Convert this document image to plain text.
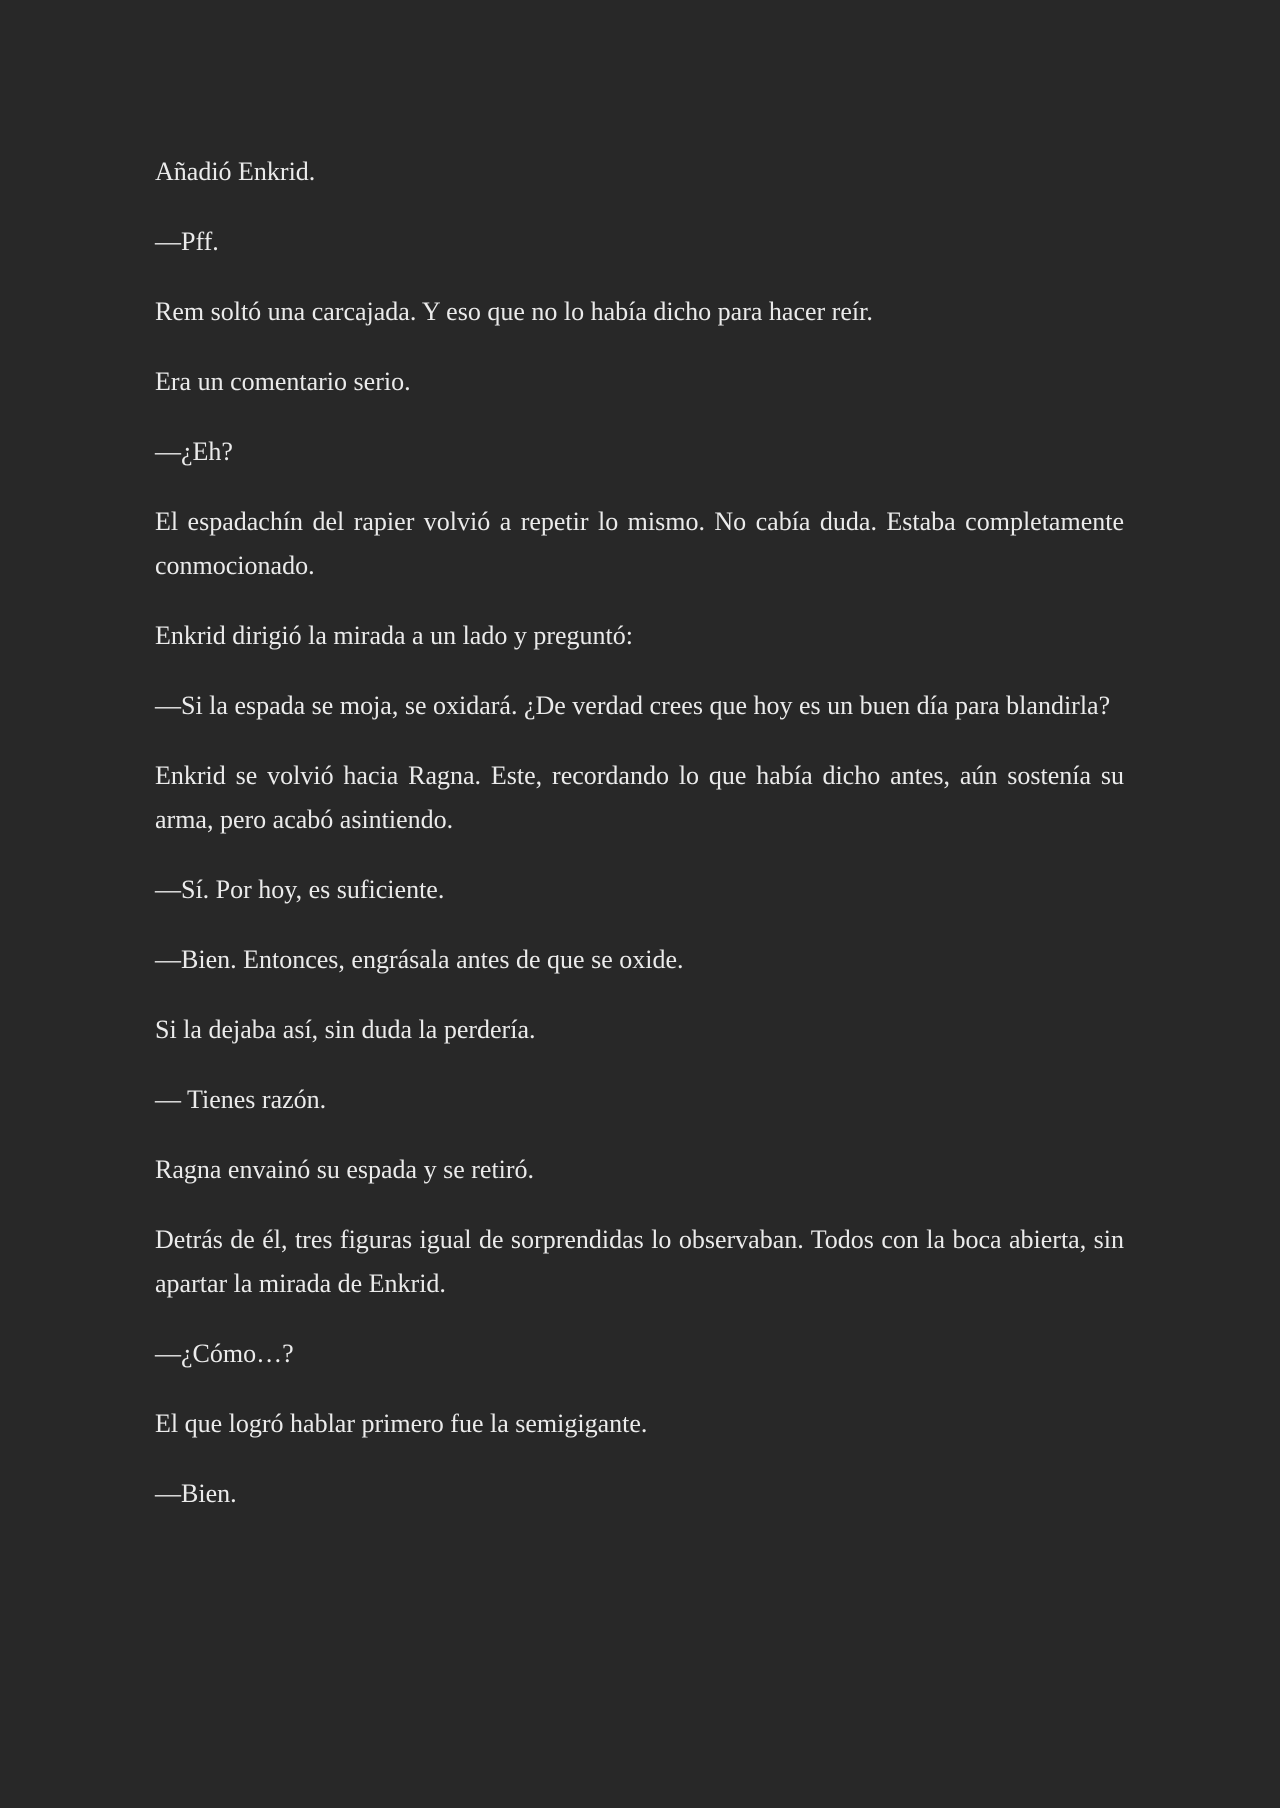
Añadió Enkrid.

—Pff.

Rem soltó una carcajada. Y eso que no lo había dicho para hacer reír.

Era un comentario serio.

—¿Eh?

El espadachín del rapier volvió a repetir lo mismo. No cabía duda. Estaba completamente conmocionado.

Enkrid dirigió la mirada a un lado y preguntó:

—Si la espada se moja, se oxidará. ¿De verdad crees que hoy es un buen día para blandirla?

Enkrid se volvió hacia Ragna. Este, recordando lo que había dicho antes, aún sostenía su arma, pero acabó asintiendo.

—Sí. Por hoy, es suficiente.

—Bien. Entonces, engrásala antes de que se oxide.

Si la dejaba así, sin duda la perdería.

— Tienes razón.

Ragna envainó su espada y se retiró.

Detrás de él, tres figuras igual de sorprendidas lo observaban. Todos con la boca abierta, sin apartar la mirada de Enkrid.

—¿Cómo…?

El que logró hablar primero fue la semigigante.

—Bien.
